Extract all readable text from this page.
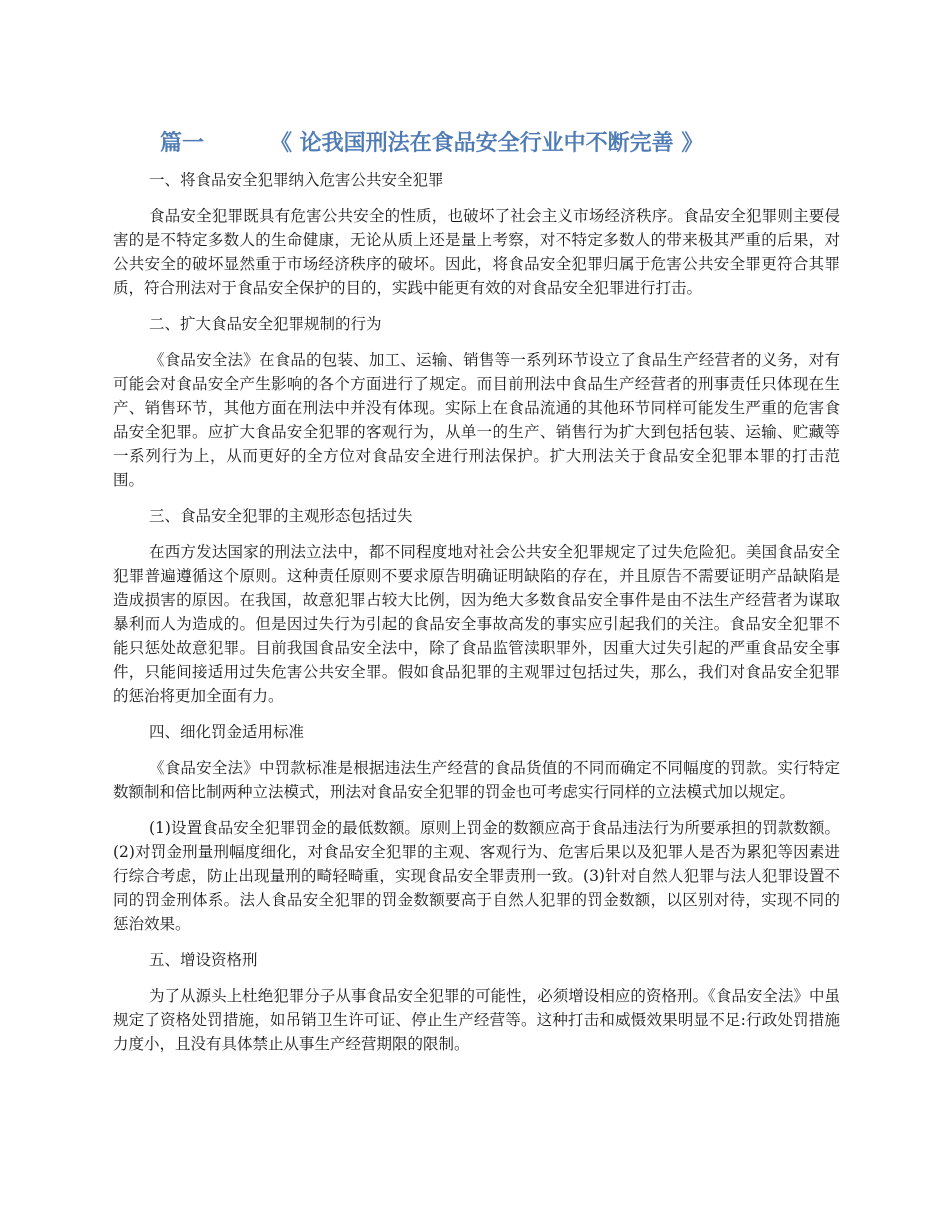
篇一	《 论我国刑法在食品安全行业中不断完善 》
一、将食品安全犯罪纳入危害公共安全犯罪
食品安全犯罪既具有危害公共安全的性质，也破坏了社会主义市场经济秩序。食品安全犯罪则主要侵害的是不特定多数人的生命健康，无论从质上还是量上考察，对不特定多数人的带来极其严重的后果，对公共安全的破坏显然重于市场经济秩序的破坏。因此，将食品安全犯罪归属于危害公共安全罪更符合其罪质，符合刑法对于食品安全保护的目的，实践中能更有效的对食品安全犯罪进行打击。
二、扩大食品安全犯罪规制的行为
《食品安全法》在食品的包装、加工、运输、销售等一系列环节设立了食品生产经营者的义务，对有可能会对食品安全产生影响的各个方面进行了规定。而目前刑法中食品生产经营者的刑事责任只体现在生产、销售环节，其他方面在刑法中并没有体现。实际上在食品流通的其他环节同样可能发生严重的危害食品安全犯罪。应扩大食品安全犯罪的客观行为，从单一的生产、销售行为扩大到包括包装、运输、贮藏等一系列行为上，从而更好的全方位对食品安全进行刑法保护。扩大刑法关于食品安全犯罪本罪的打击范围。
三、食品安全犯罪的主观形态包括过失
在西方发达国家的刑法立法中，都不同程度地对社会公共安全犯罪规定了过失危险犯。美国食品安全犯罪普遍遵循这个原则。这种责任原则不要求原告明确证明缺陷的存在，并且原告不需要证明产品缺陷是造成损害的原因。在我国，故意犯罪占较大比例，因为绝大多数食品安全事件是由不法生产经营者为谋取暴利而人为造成的。但是因过失行为引起的食品安全事故高发的事实应引起我们的关注。食品安全犯罪不能只惩处故意犯罪。目前我国食品安全法中，除了食品监管渎职罪外，因重大过失引起的严重食品安全事件，只能间接适用过失危害公共安全罪。假如食品犯罪的主观罪过包括过失，那么，我们对食品安全犯罪的惩治将更加全面有力。
四、细化罚金适用标准
《食品安全法》中罚款标准是根据违法生产经营的食品货值的不同而确定不同幅度的罚款。实行特定数额制和倍比制两种立法模式，刑法对食品安全犯罪的罚金也可考虑实行同样的立法模式加以规定。
(1)设置食品安全犯罪罚金的最低数额。原则上罚金的数额应高于食品违法行为所要承担的罚款数额。(2)对罚金刑量刑幅度细化，对食品安全犯罪的主观、客观行为、危害后果以及犯罪人是否为累犯等因素进行综合考虑，防止出现量刑的畸轻畸重，实现食品安全罪责刑一致。(3)针对自然人犯罪与法人犯罪设置不同的罚金刑体系。法人食品安全犯罪的罚金数额要高于自然人犯罪的罚金数额，以区别对待，实现不同的惩治效果。
五、增设资格刑
为了从源头上杜绝犯罪分子从事食品安全犯罪的可能性，必须增设相应的资格刑。《食品安全法》中虽规定了资格处罚措施，如吊销卫生许可证、停止生产经营等。这种打击和威慑效果明显不足:行政处罚措施力度小，且没有具体禁止从事生产经营期限的限制。
